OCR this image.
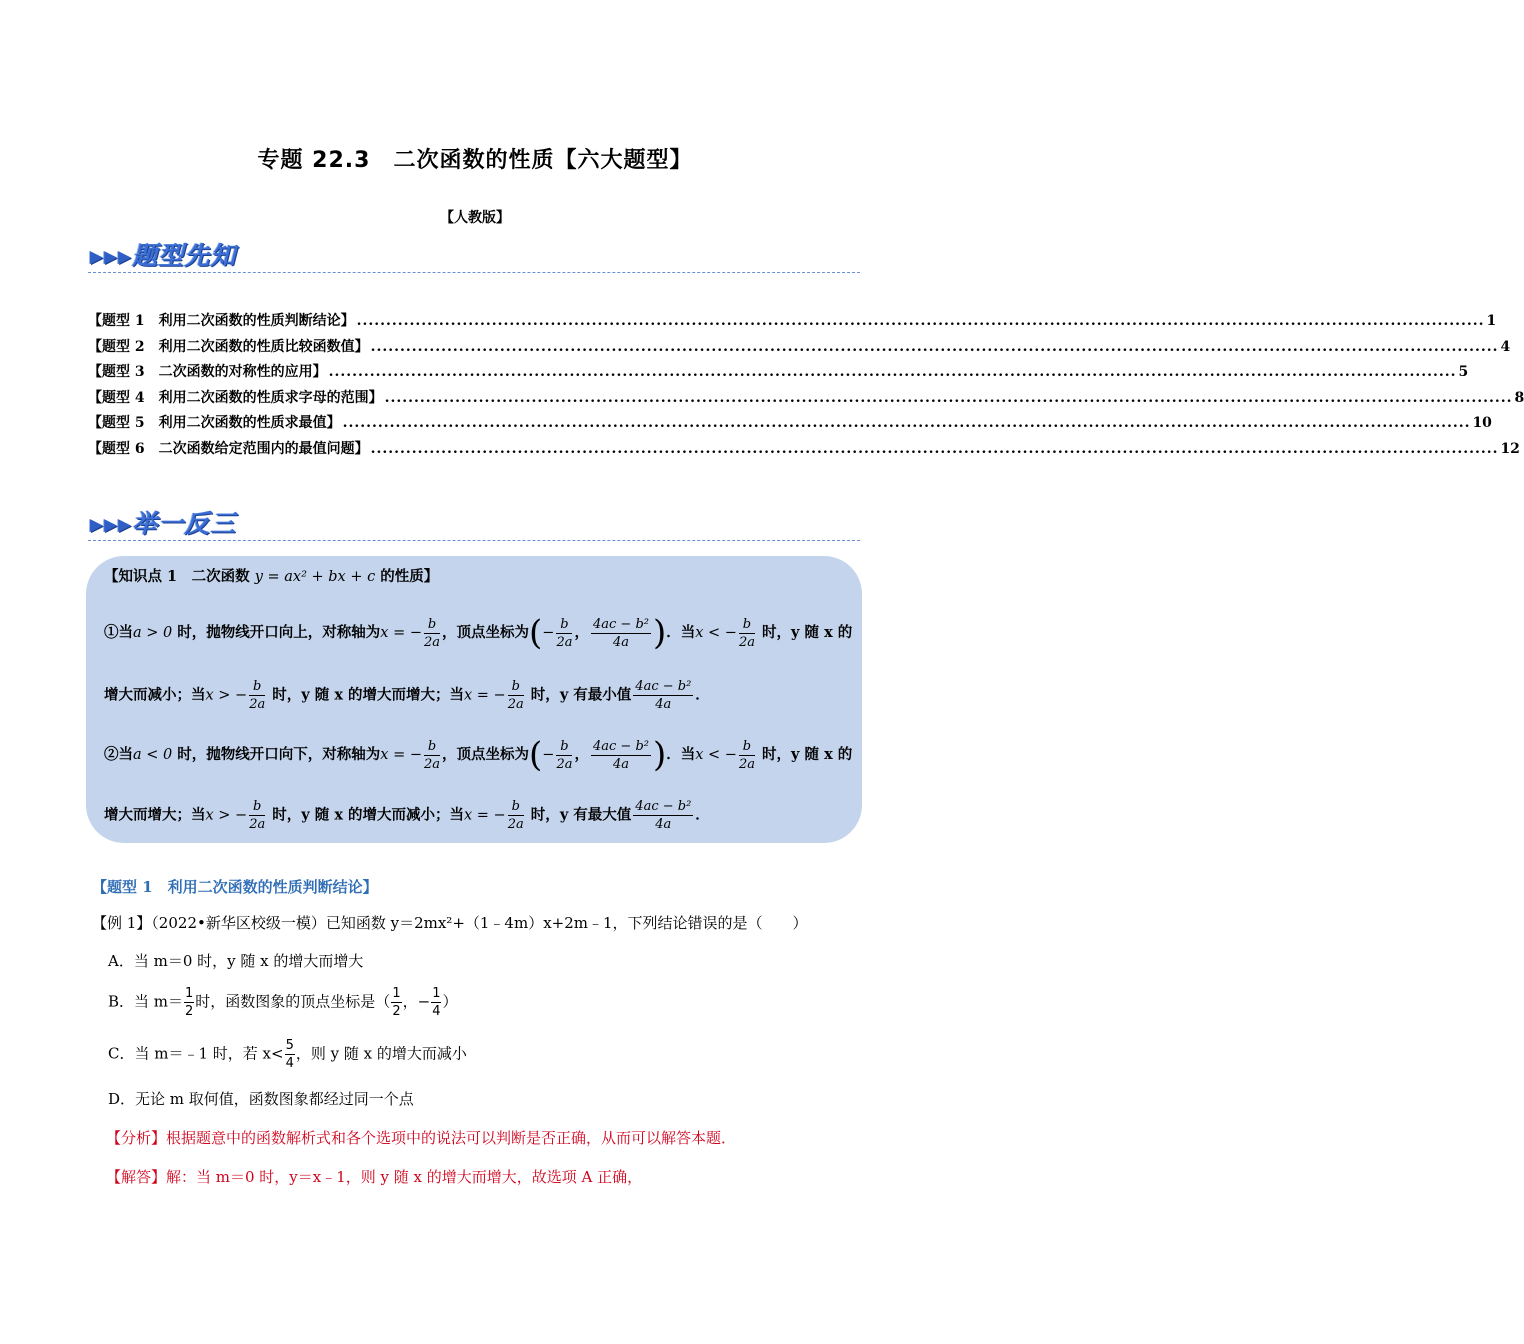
专题 22.3　二次函数的性质【六大题型】
【人教版】
▶▶▶题型先知
【题型 1　利用二次函数的性质判断结论】 ................................................................................................................................................................................................ 1
【题型 2　利用二次函数的性质比较函数值】 ................................................................................................................................................................................................ 4
【题型 3　二次函数的对称性的应用】 ................................................................................................................................................................................................ 5
【题型 4　利用二次函数的性质求字母的范围】 ................................................................................................................................................................................................ 8
【题型 5　利用二次函数的性质求最值】 ................................................................................................................................................................................................ 10
【题型 6　二次函数给定范围内的最值问题】 ................................................................................................................................................................................................ 12
▶▶▶举一反三
【知识点 1　二次函数 y = ax² + bx + c 的性质】
①当a > 0 时，抛物线开口向上，对称轴为x = − $\frac{b}{2a}$ ，顶点坐标为(− $\frac{b}{2a}$ ， $\frac{\text{4ac − b²}}{4a}$ )．当x < − $\frac{b}{2a}$ 时，y 随 x 的
增大而减小；当x > − $\frac{b}{2a}$ 时，y 随 x 的增大而增大；当x = − $\frac{b}{2a}$ 时，y 有最小值 $\frac{\text{4ac − b²}}{4a}$ ．
②当a < 0 时，抛物线开口向下，对称轴为x = − $\frac{b}{2a}$ ，顶点坐标为(− $\frac{b}{2a}$ ， $\frac{\text{4ac − b²}}{4a}$ )．当x < − $\frac{b}{2a}$ 时，y 随 x 的
增大而增大；当x > − $\frac{b}{2a}$ 时，y 随 x 的增大而减小；当x = − $\frac{b}{2a}$ 时，y 有最大值 $\frac{\text{4ac − b²}}{4a}$ ．
【题型 1　利用二次函数的性质判断结论】
【例 1】（2022•新华区校级一模）已知函数 y＝2mx²+（1﹣4m）x+2m﹣1，下列结论错误的是（　　）
A．当 m＝0 时，y 随 x 的增大而增大
B．当 $m= \frac{1}{2}$ 时，函数图象的顶点坐标是（ $\frac{1}{2}$ ，− $\frac{1}{4}$ ）
C．当 m＝﹣1 时，若 $x< \frac{5}{4}$ ，则 y 随 x 的增大而减小
D．无论 m 取何值，函数图象都经过同一个点
【分析】根据题意中的函数解析式和各个选项中的说法可以判断是否正确，从而可以解答本题．
【解答】解：当 m＝0 时，y＝x﹣1，则 y 随 x 的增大而增大，故选项 A 正确，
